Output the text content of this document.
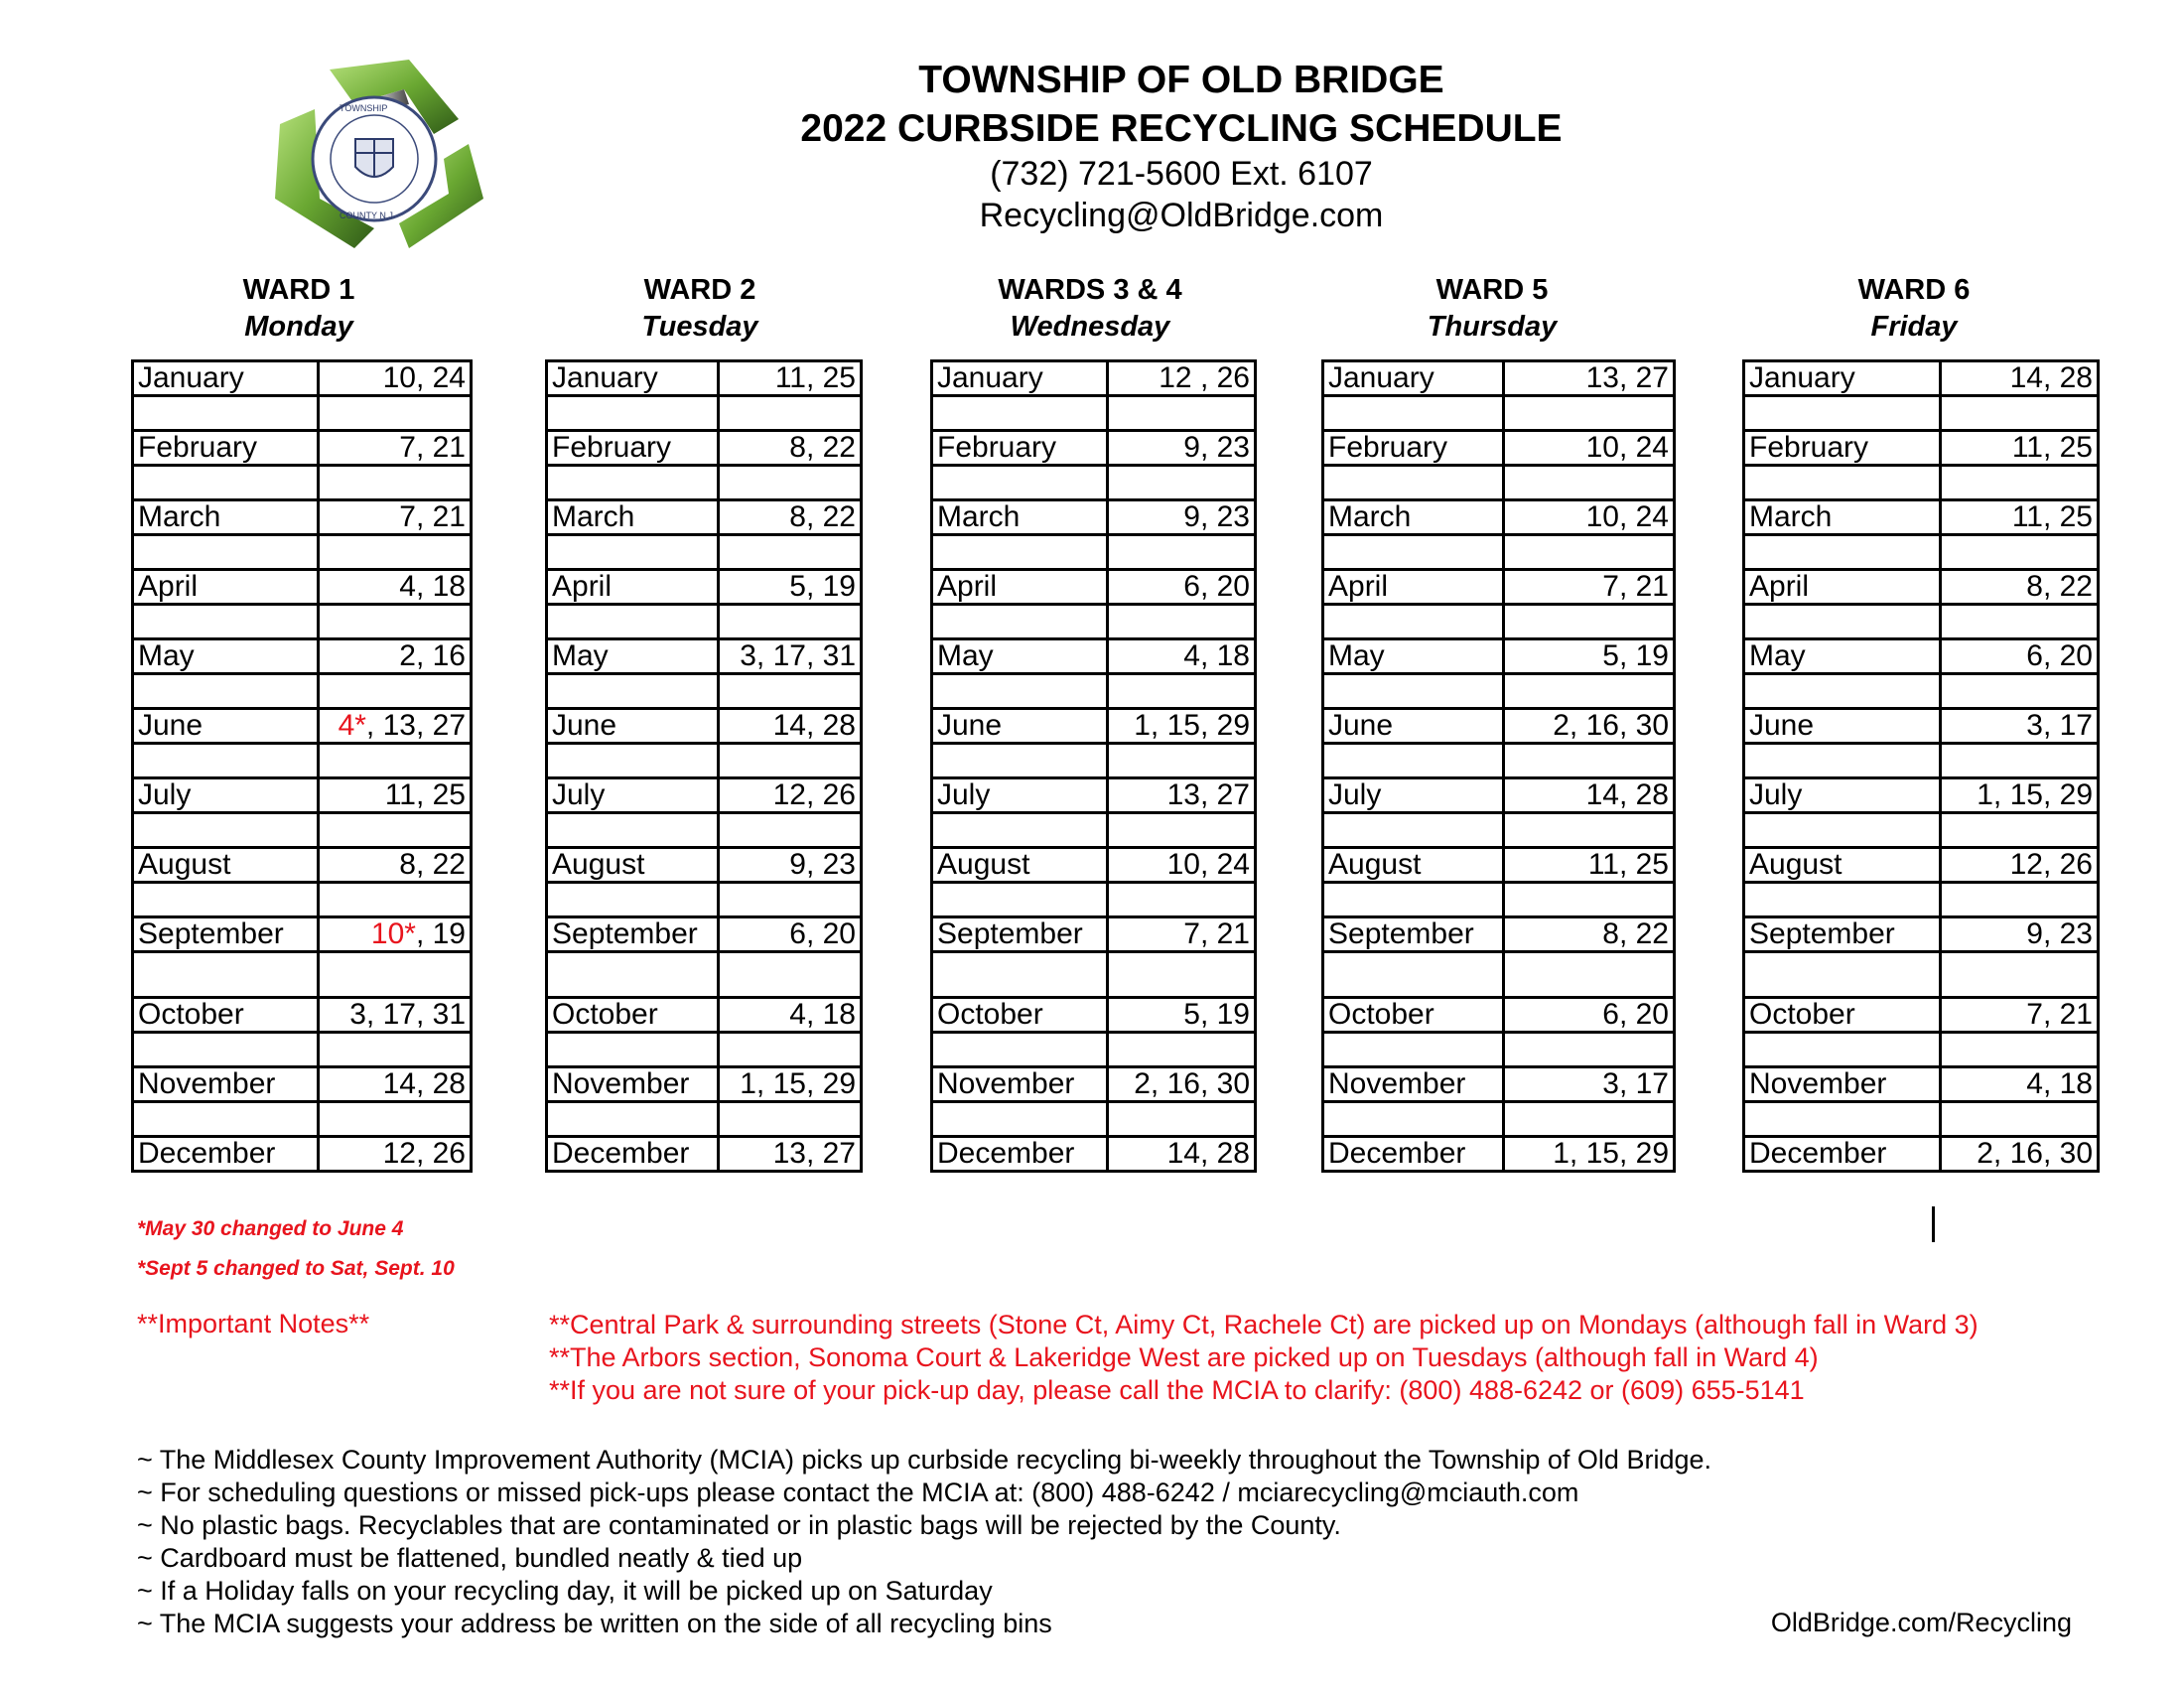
TOWNSHIP
COUNTY N.J.
TOWNSHIP OF OLD BRIDGE
2022 CURBSIDE RECYCLING SCHEDULE
(732) 721-5600 Ext. 6107
Recycling@OldBridge.com
WARD 1
Monday
WARD 2
Tuesday
WARDS 3 & 4
Wednesday
WARD 5
Thursday
WARD 6
Friday
January	10, 24

February	7, 21

March	7, 21

April	4, 18

May	2, 16

June	4*, 13, 27

July	11, 25

August	8, 22

September	10*, 19

October	3, 17, 31

November	14, 28

December	12, 26
January	11, 25

February	8, 22

March	8, 22

April	5, 19

May	3, 17, 31

June	14, 28

July	12, 26

August	9, 23

September	6, 20

October	4, 18

November	1, 15, 29

December	13, 27
January	12 , 26

February	9, 23

March	9, 23

April	6, 20

May	4, 18

June	1, 15, 29

July	13, 27

August	10, 24

September	7, 21

October	5, 19

November	2, 16, 30

December	14, 28
January	13, 27

February	10, 24

March	10, 24

April	7, 21

May	5, 19

June	2, 16, 30

July	14, 28

August	11, 25

September	8, 22

October	6, 20

November	3, 17

December	1, 15, 29
January	14, 28

February	11, 25

March	11, 25

April	8, 22

May	6, 20

June	3, 17

July	1, 15, 29

August	12, 26

September	9, 23

October	7, 21

November	4, 18

December	2, 16, 30
*May 30 changed to June 4
*Sept 5 changed to Sat, Sept. 10
**Important Notes**	**Central Park & surrounding streets (Stone Ct, Aimy Ct, Rachele Ct) are picked up on Mondays (although fall in Ward 3)
**The Arbors section, Sonoma Court & Lakeridge West are picked up on Tuesdays (although fall in Ward 4)
**If you are not sure of your pick-up day, please call the MCIA to clarify: (800) 488-6242 or (609) 655-5141
~ The Middlesex County Improvement Authority (MCIA) picks up curbside recycling bi-weekly throughout the Township of Old Bridge.
~ For scheduling questions or missed pick-ups please contact the MCIA at: (800) 488-6242 / mciarecycling@mciauth.com
~ No plastic bags. Recyclables that are contaminated or in plastic bags will be rejected by the County.
~ Cardboard must be flattened, bundled neatly & tied up
~ If a Holiday falls on your recycling day, it will be picked up on Saturday
~ The MCIA suggests your address be written on the side of all recycling bins	OldBridge.com/Recycling
